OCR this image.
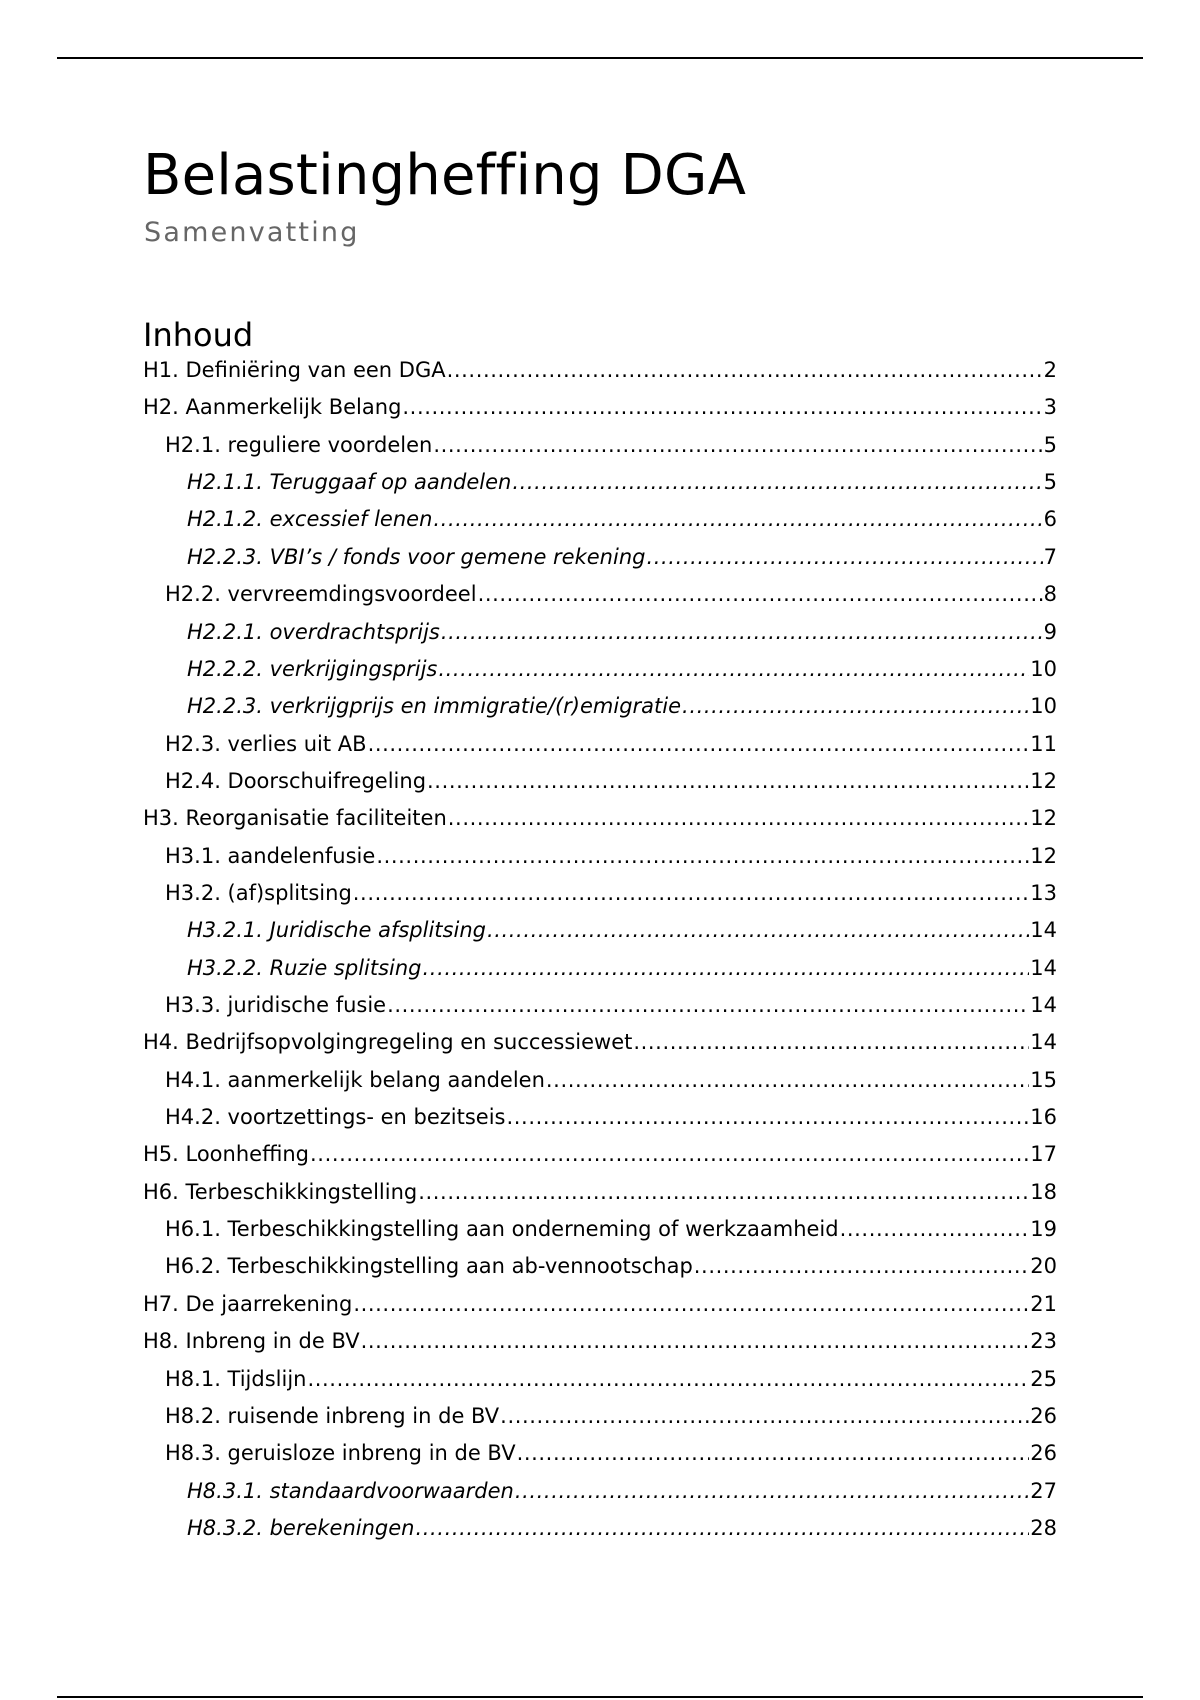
Belastingheffing DGA
Samenvatting
Inhoud
H1. Definiëring van een DGA .....	2
H2. Aanmerkelijk Belang .....	3
H2.1. reguliere voordelen .....	5
H2.1.1. Teruggaaf op aandelen .....	5
H2.1.2. excessief lenen .....	6
H2.2.3. VBI’s / fonds voor gemene rekening .....	7
H2.2. vervreemdingsvoordeel .....	8
H2.2.1. overdrachtsprijs .....	9
H2.2.2. verkrijgingsprijs .....	10
H2.2.3. verkrijgprijs en immigratie/(r)emigratie .....	10
H2.3. verlies uit AB .....	11
H2.4. Doorschuifregeling .....	12
H3. Reorganisatie faciliteiten .....	12
H3.1. aandelenfusie .....	12
H3.2. (af)splitsing .....	13
H3.2.1. Juridische afsplitsing .....	14
H3.2.2. Ruzie splitsing .....	14
H3.3. juridische fusie .....	14
H4. Bedrijfsopvolgingregeling en successiewet .....	14
H4.1. aanmerkelijk belang aandelen .....	15
H4.2. voortzettings- en bezitseis .....	16
H5. Loonheffing .....	17
H6. Terbeschikkingstelling .....	18
H6.1. Terbeschikkingstelling aan onderneming of werkzaamheid .....	19
H6.2. Terbeschikkingstelling aan ab-vennootschap .....	20
H7. De jaarrekening .....	21
H8. Inbreng in de BV .....	23
H8.1. Tijdslijn .....	25
H8.2. ruisende inbreng in de BV .....	26
H8.3. geruisloze inbreng in de BV .....	26
H8.3.1. standaardvoorwaarden .....	27
H8.3.2. berekeningen .....	28
